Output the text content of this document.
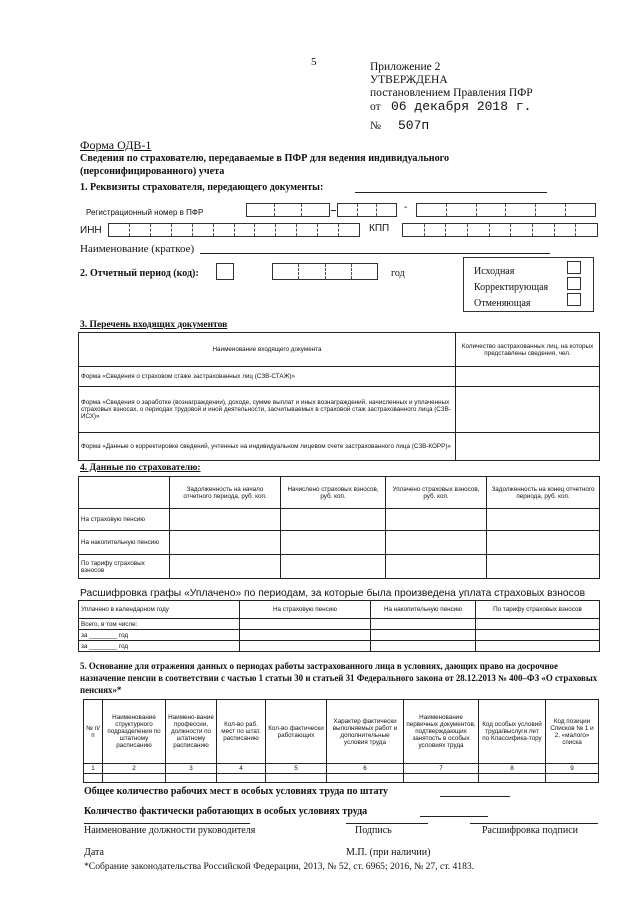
5	Приложение 2
УТВЕРЖДЕНА
постановлением Правления ПФР
от 06 декабря 2018 г.
№ 507п
Форма ОДВ-1
Сведения по страхователю, передаваемые в ПФР для ведения индивидуального
(персонифицированного) учета
1. Реквизиты страхователя, передающего документы:
Регистрационный номер в ПФР	-
ИНН	КПП
Наименование (краткое)
2. Отчетный период (код):	год	Исходная
Корректирующая
Отменяющая
3. Перечень входящих документов
Наименование входящего документа	Количество застрахованных лиц, на которых представлены сведения, чел.
Форма «Сведения о страховом стаже застрахованных лиц (СЗВ-СТАЖ)»	
Форма «Сведения о заработке (вознаграждении), доходе, сумме выплат и иных вознаграждений, начисленных и уплаченных страховых взносах, о периодах трудовой и иной деятельности, засчитываемых в страховой стаж застрахованного лица (СЗВ-ИСХ)»	
Форма «Данные о корректировке сведений, учтенных на индивидуальном лицевом счете застрахованного лица (СЗВ-КОРР)»	
4. Данные по страхователю:
	Задолженность на начало отчетного периода, руб. коп.	Начислено страховых взносов, руб. коп.	Уплачено страховых взносов, руб. коп.	Задолженность на конец отчетного периода, руб. коп.
На страховую пенсию				
На накопительную пенсию				
По тарифу страховых взносов				
Расшифровка графы «Уплачено» по периодам, за которые была произведена уплата страховых взносов
Уплачено в календарном году	На страховую пенсию	На накопительную пенсию	По тарифу страховых взносов
Всего, в том числе:			
за ________ год			
за ________ год			
5. Основание для отражения данных о периодах работы застрахованного лица в условиях, дающих право на досрочное назначение пенсии в соответствии с частью 1 статьи 30 и статьей 31 Федерального закона от 28.12.2013 № 400–ФЗ «О страховых пенсиях»*
№ п/п	Наименование структурного подразделения по штатному расписанию	Наимено-вание профессии, должности по штатному расписанию	Кол-во раб. мест по штат. расписанию	Кол-во фактически работающих	Характер фактически выполняемых работ и дополнительные условия труда	Наименование первичных документов, подтверждающих занятость в особых условиях труда	Код особых условий труда/выслуги лет по Классифика-тору	Код позиции Списков № 1 и 2, «малого» списка
1	2	3	4	5	6	7	8	9

Общее количество рабочих мест в особых условиях труда по штату
Количество фактически работающих в особых условиях труда
Наименование должности руководителя	Подпись	Расшифровка подписи
Дата	М.П. (при наличии)
*Собрание законодательства Российской Федерации, 2013, № 52, ст. 6965; 2016, № 27, ст. 4183.
